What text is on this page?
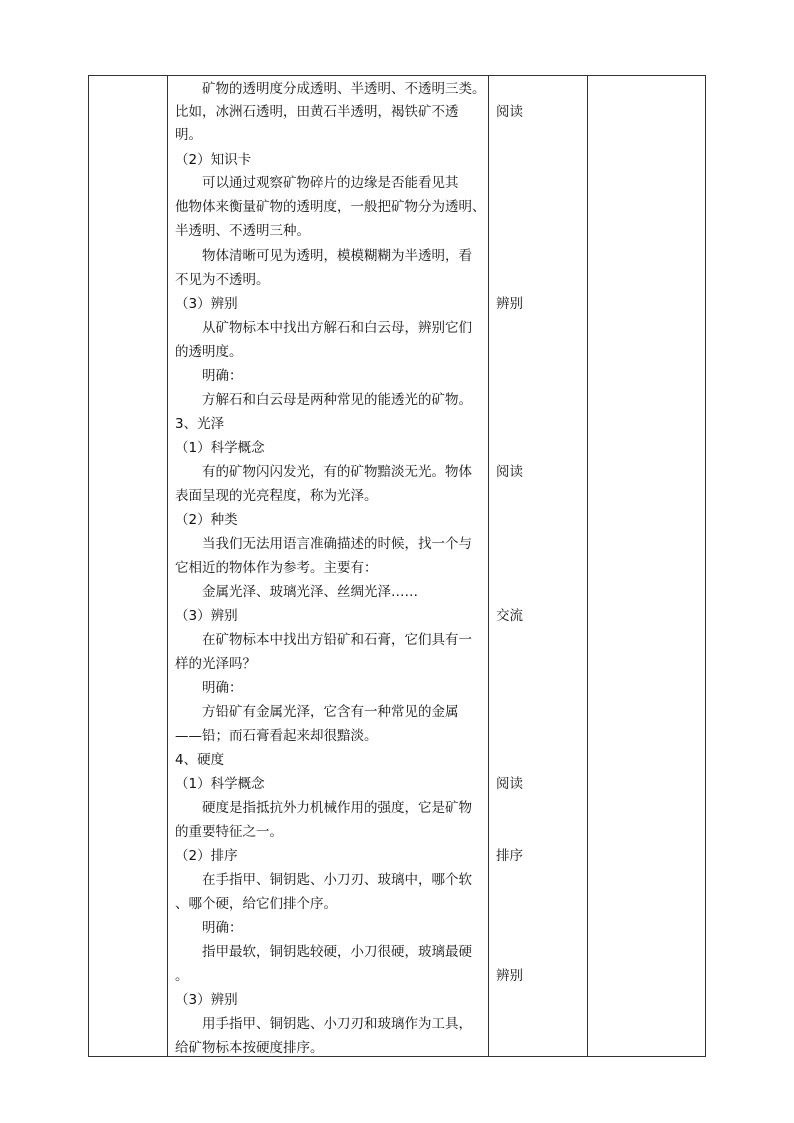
矿物的透明度分成透明、半透明、不透明三类。
比如，冰洲石透明，田黄石半透明，褐铁矿不透
明。
（2）知识卡
可以通过观察矿物碎片的边缘是否能看见其
他物体来衡量矿物的透明度，一般把矿物分为透明、
半透明、不透明三种。
物体清晰可见为透明，模模糊糊为半透明，看
不见为不透明。
（3）辨别
从矿物标本中找出方解石和白云母，辨别它们
的透明度。
明确：
方解石和白云母是两种常见的能透光的矿物。
3、光泽
（1）科学概念
有的矿物闪闪发光，有的矿物黯淡无光。物体
表面呈现的光亮程度，称为光泽。
（2）种类
当我们无法用语言准确描述的时候，找一个与
它相近的物体作为参考。主要有：
金属光泽、玻璃光泽、丝绸光泽……
（3）辨别
在矿物标本中找出方铅矿和石膏，它们具有一
样的光泽吗？
明确：
方铅矿有金属光泽，它含有一种常见的金属
——铅；而石膏看起来却很黯淡。
4、硬度
（1）科学概念
硬度是指抵抗外力机械作用的强度，它是矿物
的重要特征之一。
（2）排序
在手指甲、铜钥匙、小刀刃、玻璃中，哪个软
、哪个硬，给它们排个序。
明确：
指甲最软，铜钥匙较硬，小刀很硬，玻璃最硬
。
（3）辨别
用手指甲、铜钥匙、小刀刃和玻璃作为工具，
给矿物标本按硬度排序。
阅读
辨别
阅读
交流
阅读
排序
辨别
